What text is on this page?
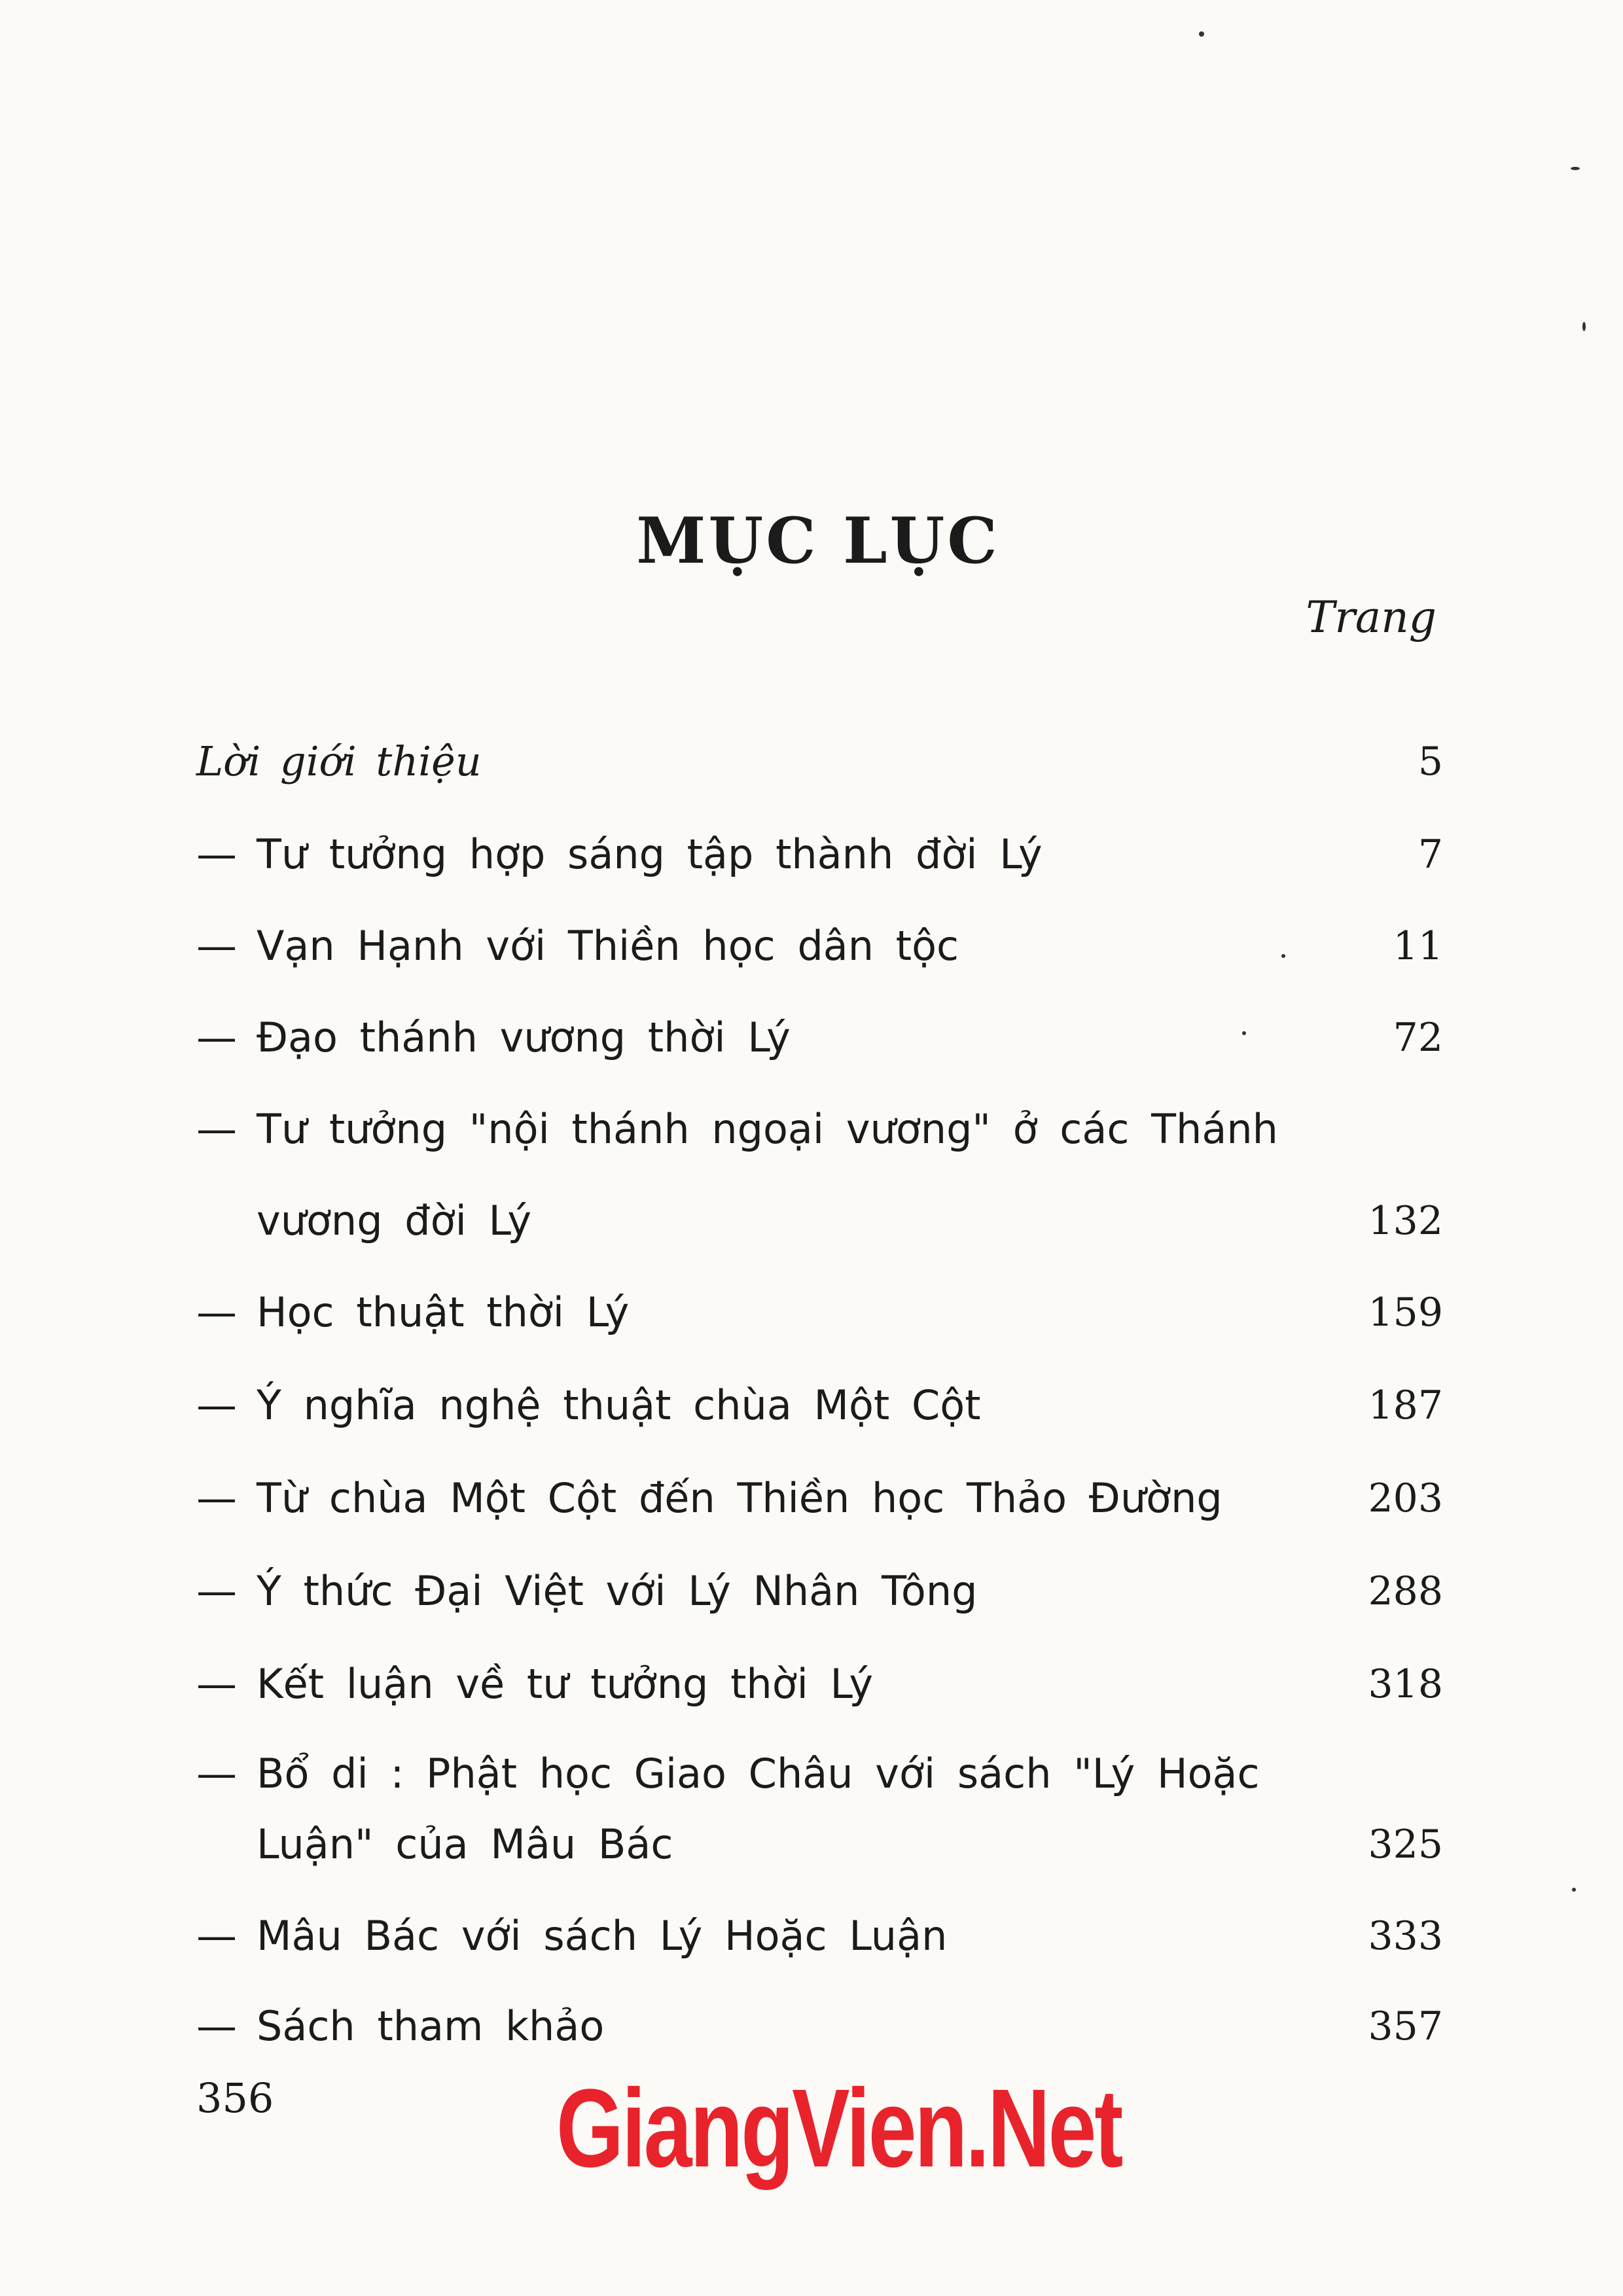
MỤC LỤC
Trang
Lời giới thiệu	5
— Tư tưởng hợp sáng tập thành đời Lý	7
— Vạn Hạnh với Thiền học dân tộc	11
— Đạo thánh vương thời Lý	72
— Tư tưởng "nội thánh ngoại vương" ở các Thánh
vương đời Lý	132
— Học thuật thời Lý	159
— Ý nghĩa nghệ thuật chùa Một Cột	187
— Từ chùa Một Cột đến Thiền học Thảo Đường	203
— Ý thức Đại Việt với Lý Nhân Tông	288
— Kết luận về tư tưởng thời Lý	318
— Bổ di : Phật học Giao Châu với sách "Lý Hoặc
Luận" của Mâu Bác	325
— Mâu Bác với sách Lý Hoặc Luận	333
— Sách tham khảo	357
356	GiangVien.Net
